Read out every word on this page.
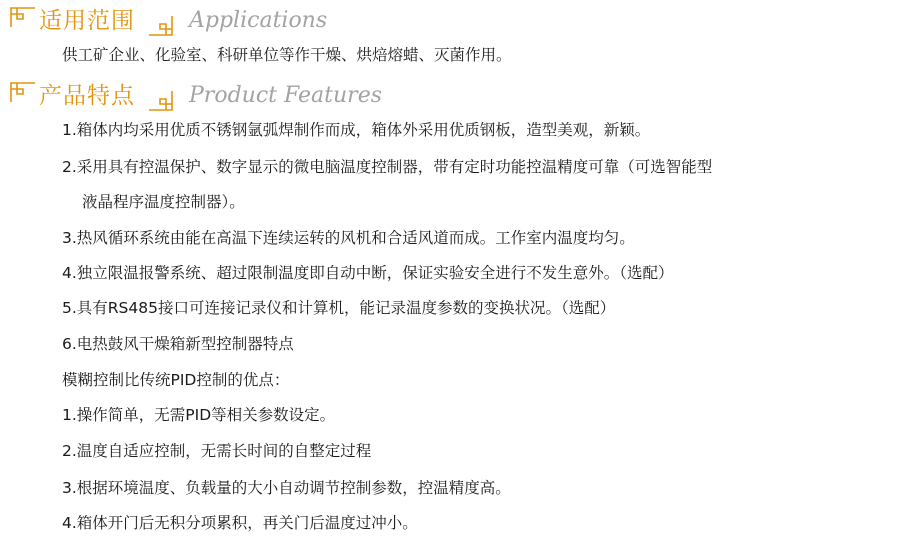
适用范围 Applications
供工矿企业、化验室、科研单位等作干燥、烘焙熔蜡、灭菌作用。
产品特点 Product Features
1.箱体内均采用优质不锈钢氩弧焊制作而成，箱体外采用优质钢板，造型美观，新颖。
2.采用具有控温保护、数字显示的微电脑温度控制器，带有定时功能控温精度可靠（可选智能型
液晶程序温度控制器）。
3.热风循环系统由能在高温下连续运转的风机和合适风道而成。工作室内温度均匀。
4.独立限温报警系统、超过限制温度即自动中断，保证实验安全进行不发生意外。（选配）
5.具有RS485接口可连接记录仪和计算机，能记录温度参数的变换状况。（选配）
6.电热鼓风干燥箱新型控制器特点
模糊控制比传统PID控制的优点：
1.操作简单，无需PID等相关参数设定。
2.温度自适应控制，无需长时间的自整定过程
3.根据环境温度、负载量的大小自动调节控制参数，控温精度高。
4.箱体开门后无积分项累积，再关门后温度过冲小。
